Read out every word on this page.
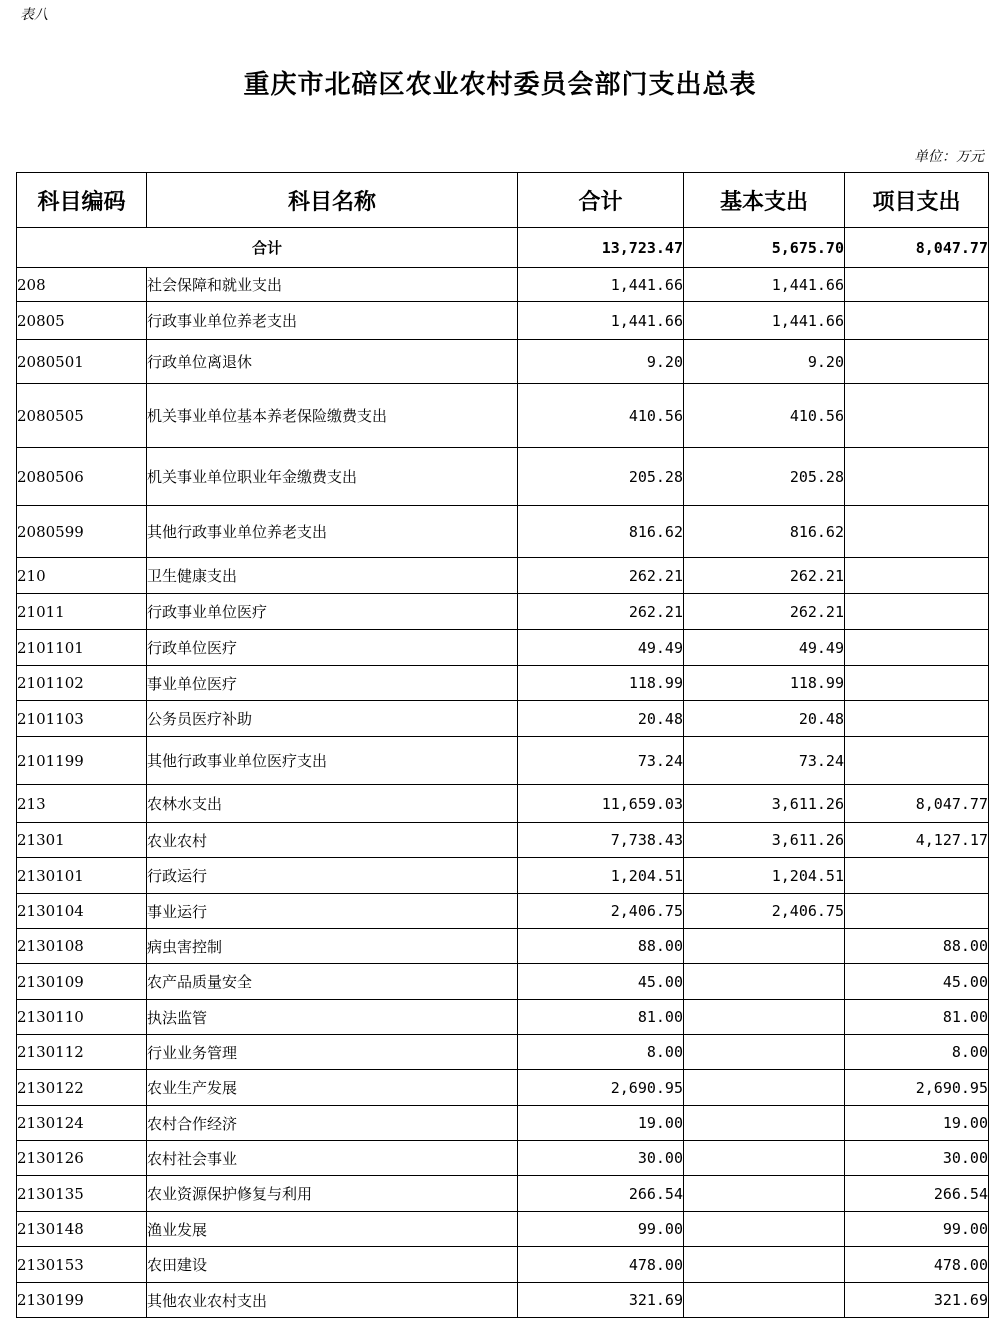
表八
重庆市北碚区农业农村委员会部门支出总表
单位：万元
科目编码	科目名称	合计	基本支出	项目支出
合计		13,723.47	5,675.70	8,047.77
208	社会保障和就业支出	1,441.66	1,441.66	
20805	行政事业单位养老支出	1,441.66	1,441.66	
2080501	行政单位离退休	9.20	9.20	
2080505	机关事业单位基本养老保险缴费支出	410.56	410.56	
2080506	机关事业单位职业年金缴费支出	205.28	205.28	
2080599	其他行政事业单位养老支出	816.62	816.62	
210	卫生健康支出	262.21	262.21	
21011	行政事业单位医疗	262.21	262.21	
2101101	行政单位医疗	49.49	49.49	
2101102	事业单位医疗	118.99	118.99	
2101103	公务员医疗补助	20.48	20.48	
2101199	其他行政事业单位医疗支出	73.24	73.24	
213	农林水支出	11,659.03	3,611.26	8,047.77
21301	农业农村	7,738.43	3,611.26	4,127.17
2130101	行政运行	1,204.51	1,204.51	
2130104	事业运行	2,406.75	2,406.75	
2130108	病虫害控制	88.00		88.00
2130109	农产品质量安全	45.00		45.00
2130110	执法监管	81.00		81.00
2130112	行业业务管理	8.00		8.00
2130122	农业生产发展	2,690.95		2,690.95
2130124	农村合作经济	19.00		19.00
2130126	农村社会事业	30.00		30.00
2130135	农业资源保护修复与利用	266.54		266.54
2130148	渔业发展	99.00		99.00
2130153	农田建设	478.00		478.00
2130199	其他农业农村支出	321.69		321.69
